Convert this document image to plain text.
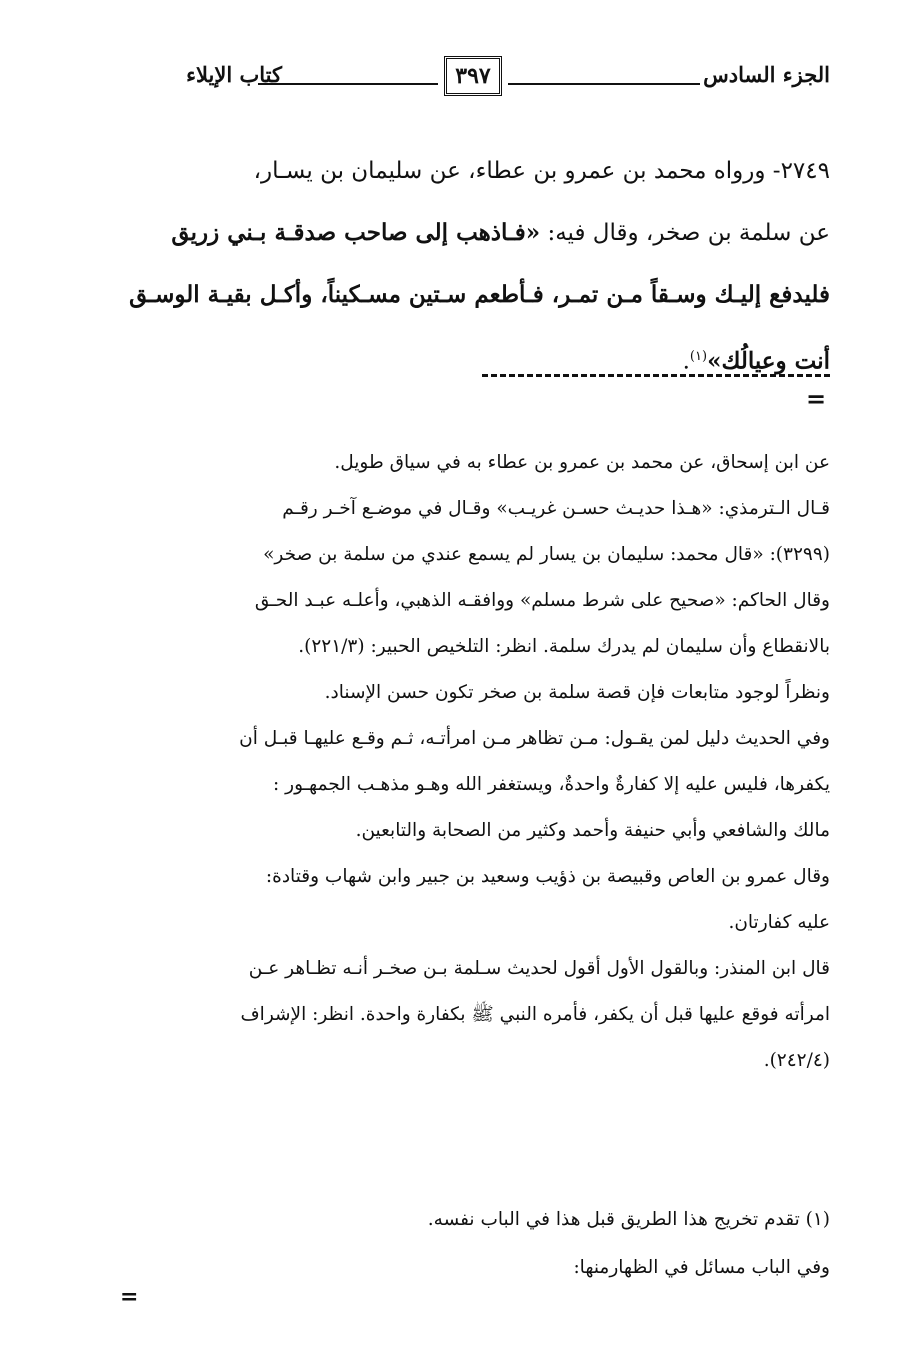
كتاب الإيلاء	٣٩٧	الجزء السادس

٢٧٤٩- ورواه محمد بن عمرو بن عطاء، عن سليمان بن يسـار،

عن سلمة بن صخر، وقال فيه: «فـاذهب إلى صاحب صدقـة بـني زريق

فليدفع إليـك وسـقاً مـن تمـر، فـأطعم سـتين مسـكيناً، وأكـل بقيـة الوسـق

أنت وعيالُك»$^{(١)}$.

=

عن ابن إسحاق، عن محمد بن عمرو بن عطاء به في سياق طويل.

قـال الـترمذي: «هـذا حديـث حسـن غريـب» وقـال في موضـع آخـر رقـم

(٣٢٩٩): «قال محمد: سليمان بن يسار لم يسمع عندي من سلمة بن صخر»

وقال الحاكم: «صحيح على شرط مسلم» ووافقـه الذهبي، وأعلـه عبـد الحـق

بالانقطاع وأن سليمان لم يدرك سلمة. انظر: التلخيص الحبير: (٢٢١/٣).

ونظراً لوجود متابعات فإن قصة سلمة بن صخر تكون حسن الإسناد.

وفي الحديث دليل لمن يقـول: مـن تظاهر مـن امرأتـه، ثـم وقـع عليهـا قبـل أن

يكفرها، فليس عليه إلا كفارةٌ واحدةٌ، ويستغفر الله وهـو مذهـب الجمهـور :

مالك والشافعي وأبي حنيفة وأحمد وكثير من الصحابة والتابعين.

وقال عمرو بن العاص وقبيصة بن ذؤيب وسعيد بن جبير وابن شهاب وقتادة:

عليه كفارتان.

قال ابن المنذر: وبالقول الأول أقول لحديث سـلمة بـن صخـر أنـه تظـاهر عـن

امرأته فوقع عليها قبل أن يكفر، فأمره النبي ﷺ بكفارة واحدة. انظر: الإشراف

(٢٤٢/٤).

(١) تقدم تخريج هذا الطريق قبل هذا في الباب نفسه.

وفي الباب مسائل في الظهارمنها:

=
